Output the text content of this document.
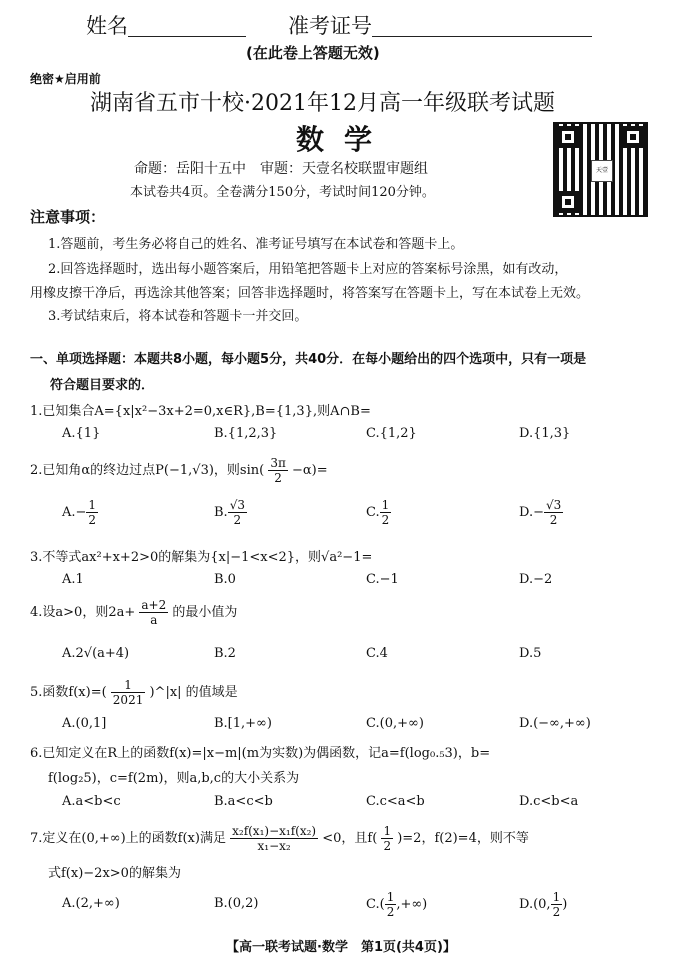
姓名	准考证号
(在此卷上答题无效)
绝密★启用前
湖南省五市十校·2021年12月高一年级联考试题
数学
命题：岳阳十五中　审题：天壹名校联盟审题组
本试卷共4页。全卷满分150分，考试时间120分钟。
天壹
注意事项：
1.答题前，考生务必将自己的姓名、准考证号填写在本试卷和答题卡上。
2.回答选择题时，选出每小题答案后，用铅笔把答题卡上对应的答案标号涂黑，如有改动，
用橡皮擦干净后，再选涂其他答案；回答非选择题时，将答案写在答题卡上，写在本试卷上无效。
3.考试结束后，将本试卷和答题卡一并交回。
一、单项选择题：本题共8小题，每小题5分，共40分．在每小题给出的四个选项中，只有一项是
符合题目要求的．
1.已知集合A={x|x²−3x+2=0,x∈R},B={1,3},则A∩B=
A.{1}	B.{1,2,3}	C.{1,2}	D.{1,3}
2.已知角α的终边过点P(−1,√3)，则$\sin( \frac{3\pi}{2} -\alpha)=$
$A.- \frac{1}{2}$	B. $\frac{√3}{2}$	C. $\frac{1}{2}$	$D.- \frac{√3}{2}$
3.不等式ax²+x+2>0的解集为{x|−1<x<2}，则√a²−1=
A.1	B.0	C.−1	D.−2
4.设a>0，则$2a+ \frac{a+2}{a}$ 的最小值为
A.2√(a+4)	B.2	C.4	D.5
5.函数$f(x)=( \frac{1}{2021}$ )^|x| 的值域是
A.(0,1]	B.[1,+∞)	C.(0,+∞)	D.(−∞,+∞)
6.已知定义在R上的函数f(x)=|x−m|(m为实数)为偶函数，记a=f(log₀.₅3)，b=
f(log₂5)，c=f(2m)，则a,b,c的大小关系为
A.a<b<c	B.a<c<b	C.c<a<b	D.c<b<a
7.定义在(0,+∞)上的函数f(x)满足 $\frac{\text{x₂f(x₁)−x₁f(x₂)}}{\text{x₁−x₂}} <0$，且$f( \frac{1}{2} )=2$，f(2)=4，则不等
式f(x)−2x>0的解集为
A.(2,+∞)	B.(0,2)	$C.( \frac{1}{2}$ ,+∞)	D.(0, $\frac{1}{2}$ )
【高一联考试题·数学　第1页(共4页)】
